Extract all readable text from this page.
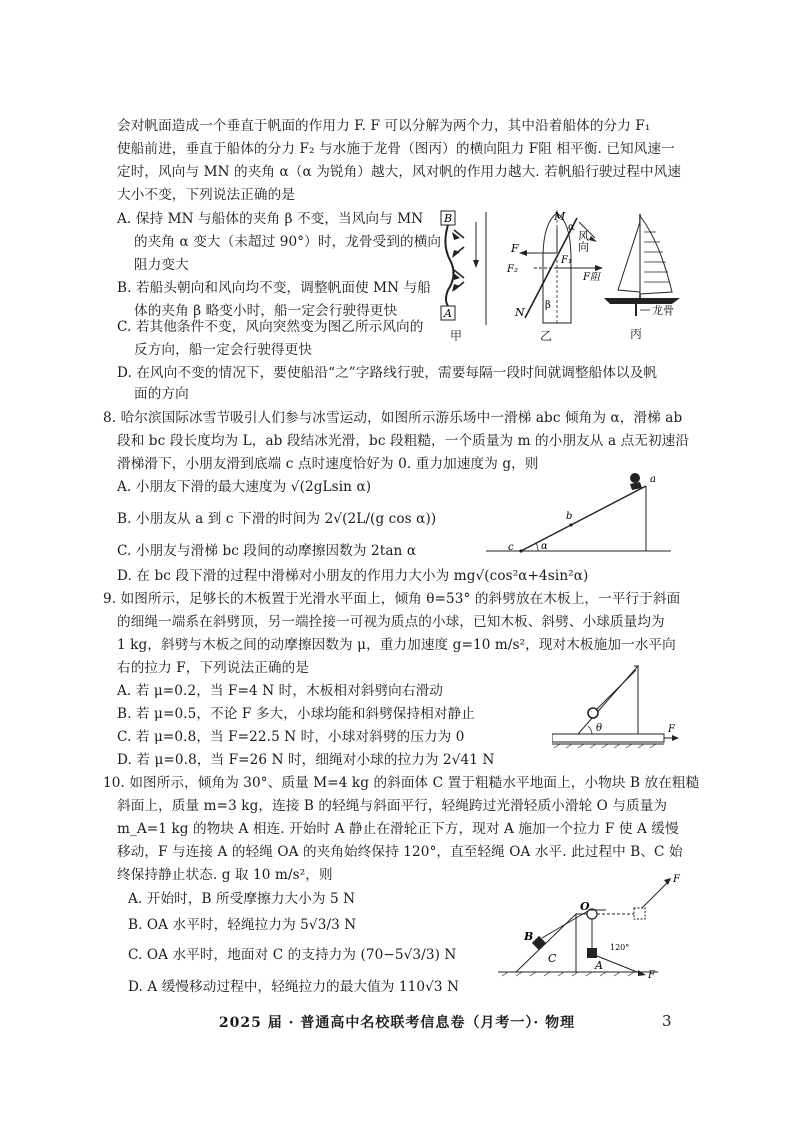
会对帆面造成一个垂直于帆面的作用力 F. F 可以分解为两个力，其中沿着船体的分力 F₁
使船前进，垂直于船体的分力 F₂ 与水施于龙骨（图丙）的横向阻力 F阻 相平衡. 已知风速一
定时，风向与 MN 的夹角 α（α 为锐角）越大，风对帆的作用力越大. 若帆船行驶过程中风速
大小不变，下列说法正确的是
A. 保持 MN 与船体的夹角 β 不变，当风向与 MN
的夹角 α 变大（未超过 90°）时，龙骨受到的横向
阻力变大
B. 若船头朝向和风向均不变，调整帆面使 MN 与船
体的夹角 β 略变小时，船一定会行驶得更快
C. 若其他条件不变，风向突然变为图乙所示风向的
反方向，船一定会行驶得更快
D. 在风向不变的情况下，要使船沿“之”字路线行驶，需要每隔一段时间就调整船体以及帆
面的方向
8. 哈尔滨国际冰雪节吸引人们参与冰雪运动，如图所示游乐场中一滑梯 abc 倾角为 α，滑梯 ab
段和 bc 段长度均为 L，ab 段结冰光滑，bc 段粗糙，一个质量为 m 的小朋友从 a 点无初速沿
滑梯滑下，小朋友滑到底端 c 点时速度恰好为 0. 重力加速度为 g，则
A. 小朋友下滑的最大速度为 √(2gLsin α)
B. 小朋友从 a 到 c 下滑的时间为 2√(2L/(g cos α))
C. 小朋友与滑梯 bc 段间的动摩擦因数为 2tan α
D. 在 bc 段下滑的过程中滑梯对小朋友的作用力大小为 mg√(cos²α+4sin²α)
9. 如图所示，足够长的木板置于光滑水平面上，倾角 θ=53° 的斜劈放在木板上，一平行于斜面
的细绳一端系在斜劈顶，另一端拴接一可视为质点的小球，已知木板、斜劈、小球质量均为
1 kg，斜劈与木板之间的动摩擦因数为 μ，重力加速度 g=10 m/s²，现对木板施加一水平向
右的拉力 F，下列说法正确的是
A. 若 μ=0.2，当 F=4 N 时，木板相对斜劈向右滑动
B. 若 μ=0.5，不论 F 多大，小球均能和斜劈保持相对静止
C. 若 μ=0.8，当 F=22.5 N 时，小球对斜劈的压力为 0
D. 若 μ=0.8，当 F=26 N 时，细绳对小球的拉力为 2√41 N
10. 如图所示，倾角为 30°、质量 M=4 kg 的斜面体 C 置于粗糙水平地面上，小物块 B 放在粗糙
斜面上，质量 m=3 kg，连接 B 的轻绳与斜面平行，轻绳跨过光滑轻质小滑轮 O 与质量为
m_A=1 kg 的物块 A 相连. 开始时 A 静止在滑轮正下方，现对 A 施加一个拉力 F 使 A 缓慢
移动，F 与连接 A 的轻绳 OA 的夹角始终保持 120°，直至轻绳 OA 水平. 此过程中 B、C 始
终保持静止状态. g 取 10 m/s²，则
A. 开始时，B 所受摩擦力大小为 5 N
B. OA 水平时，轻绳拉力为 5√3/3 N
C. OA 水平时，地面对 C 的支持力为 (70−5√3/3) N
D. A 缓慢移动过程中，轻绳拉力的最大值为 110√3 N
B
A
甲
M
α
风向
F
F₂
F₁
F阻
N
β
乙
龙骨
丙
a
b
c	α
θ	F
B
C
O
A
120°
F
F
2025 届 · 普通高中名校联考信息卷（月考一）· 物理	3
